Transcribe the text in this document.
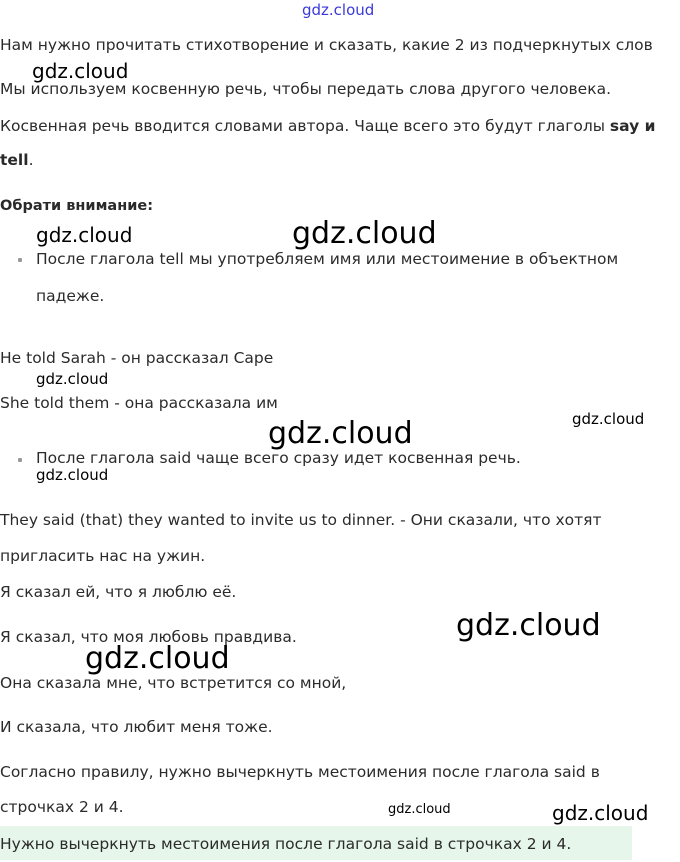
Нам нужно прочитать стихотворение и сказать, какие 2 из подчеркнутых слов
Мы используем косвенную речь, чтобы передать слова другого человека.
Косвенная речь вводится словами автора. Чаще всего это будут глаголы say и
tell.
Обрати внимание:
После глагола tell мы употребляем имя или местоимение в объектном
падеже.
He told Sarah - он рассказал Саре
She told them - она рассказала им
После глагола said чаще всего сразу идет косвенная речь.
They said (that) they wanted to invite us to dinner. - Они сказали, что хотят
пригласить нас на ужин.
Я сказал ей, что я люблю её.
Я сказал, что моя любовь правдива.
Она сказала мне, что встретится со мной,
И сказала, что любит меня тоже.
Согласно правилу, нужно вычеркнуть местоимения после глагола said в
строчках 2 и 4.
Нужно вычеркнуть местоимения после глагола said в строчках 2 и 4.
gdz.cloud
gdz.cloud
gdz.cloud	gdz.cloud
gdz.cloud
gdz.cloud
gdz.cloud
gdz.cloud
gdz.cloud
gdz.cloud
gdz.cloud	gdz.cloud
